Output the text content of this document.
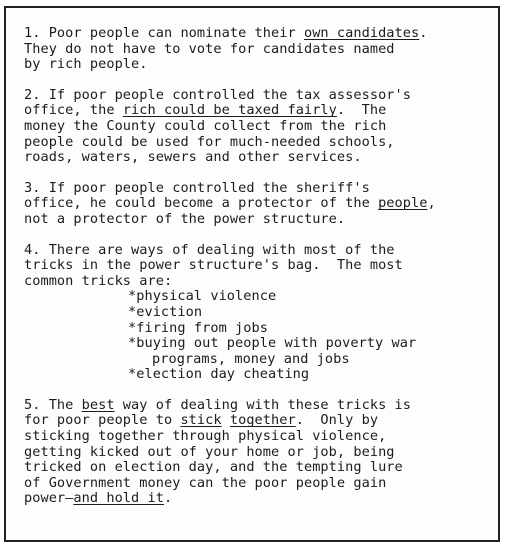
1. Poor people can nominate their own candidates.
They do not have to vote for candidates named
by rich people.
2. If poor people controlled the tax assessor's
office, the rich could be taxed fairly.  The
money the County could collect from the rich
people could be used for much-needed schools,
roads, waters, sewers and other services.
3. If poor people controlled the sheriff's
office, he could become a protector of the people,
not a protector of the power structure.
4. There are ways of dealing with most of the
tricks in the power structure's bag.  The most
common tricks are:
*physical violence
*eviction
*firing from jobs
*buying out people with poverty war
programs, money and jobs
*election day cheating
5. The best way of dealing with these tricks is
for poor people to stick together.  Only by
sticking together through physical violence,
getting kicked out of your home or job, being
tricked on election day, and the tempting lure
of Government money can the poor people gain
power—and hold it.
